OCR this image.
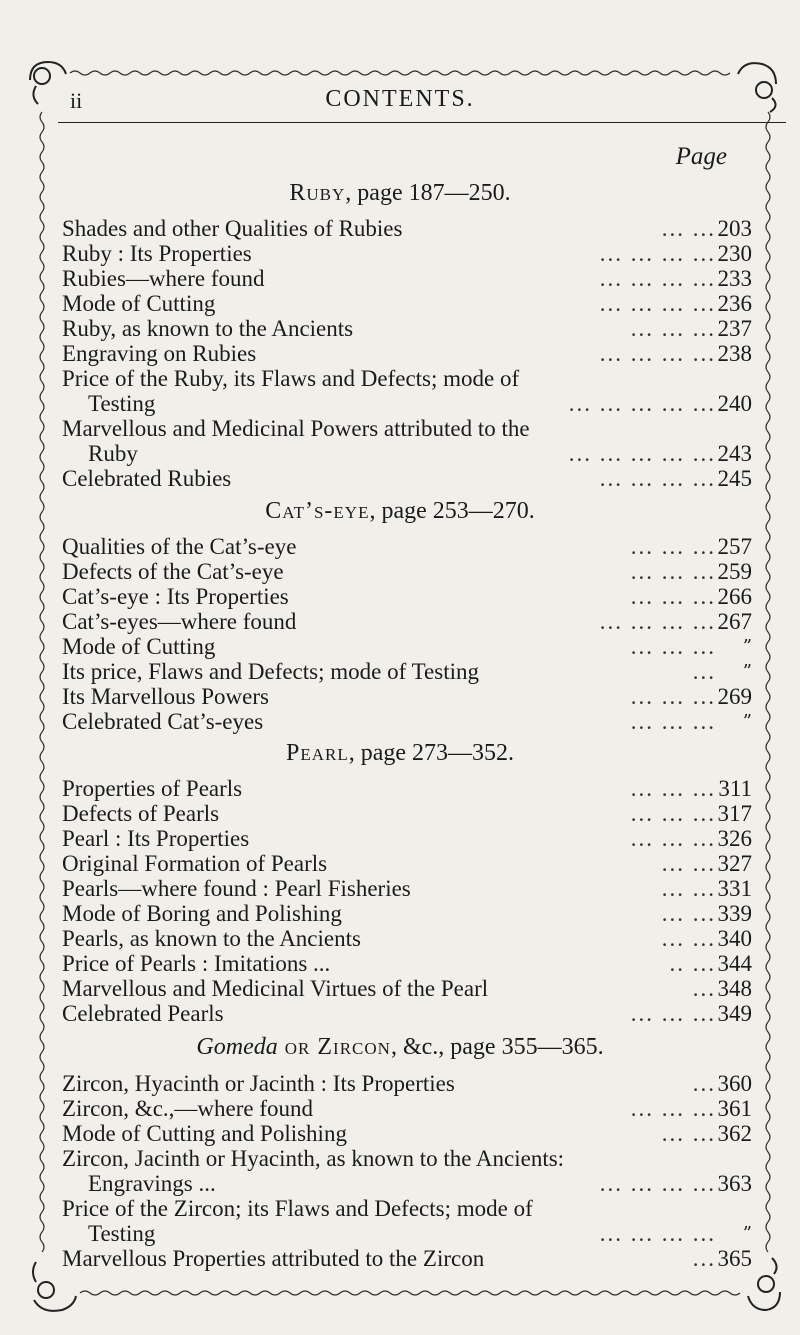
ii	CONTENTS.
Page
Ruby, page 187—250.
Shades and other Qualities of Rubies	... ... 203
Ruby : Its Properties	... ... ... ... 230
Rubies—where found	... ... ... ... 233
Mode of Cutting	... ... ... ... 236
Ruby, as known to the Ancients	... ... ... 237
Engraving on Rubies	... ... ... ... 238
Price of the Ruby, its Flaws and Defects; mode of
Testing	... ... ... ... ... 240
Marvellous and Medicinal Powers attributed to the
Ruby	... ... ... ... ... 243
Celebrated Rubies	... ... ... ... 245
Cat’s-eye, page 253—270.
Qualities of the Cat’s-eye	... ... ... 257
Defects of the Cat’s-eye	... ... ... 259
Cat’s-eye : Its Properties	... ... ... 266
Cat’s-eyes—where found	... ... ... ... 267
Mode of Cutting	... ... ...	”
Its price, Flaws and Defects; mode of Testing	...	”
Its Marvellous Powers	... ... ... 269
Celebrated Cat’s-eyes	... ... ...	”
Pearl, page 273—352.
Properties of Pearls	... ... ... 311
Defects of Pearls	... ... ... 317
Pearl : Its Properties	... ... ... 326
Original Formation of Pearls	... ... 327
Pearls—where found : Pearl Fisheries	... ... 331
Mode of Boring and Polishing	... ... 339
Pearls, as known to the Ancients	... ... 340
Price of Pearls : Imitations ...	.. ... 344
Marvellous and Medicinal Virtues of the Pearl	... 348
Celebrated Pearls	... ... ... 349
Gomeda or Zircon, &c., page 355—365.
Zircon, Hyacinth or Jacinth : Its Properties	... 360
Zircon, &c.,—where found	... ... ... 361
Mode of Cutting and Polishing	... ... 362
Zircon, Jacinth or Hyacinth, as known to the Ancients:
Engravings ...	... ... ... ... 363
Price of the Zircon; its Flaws and Defects; mode of
Testing	... ... ... ...	”
Marvellous Properties attributed to the Zircon	... 365
